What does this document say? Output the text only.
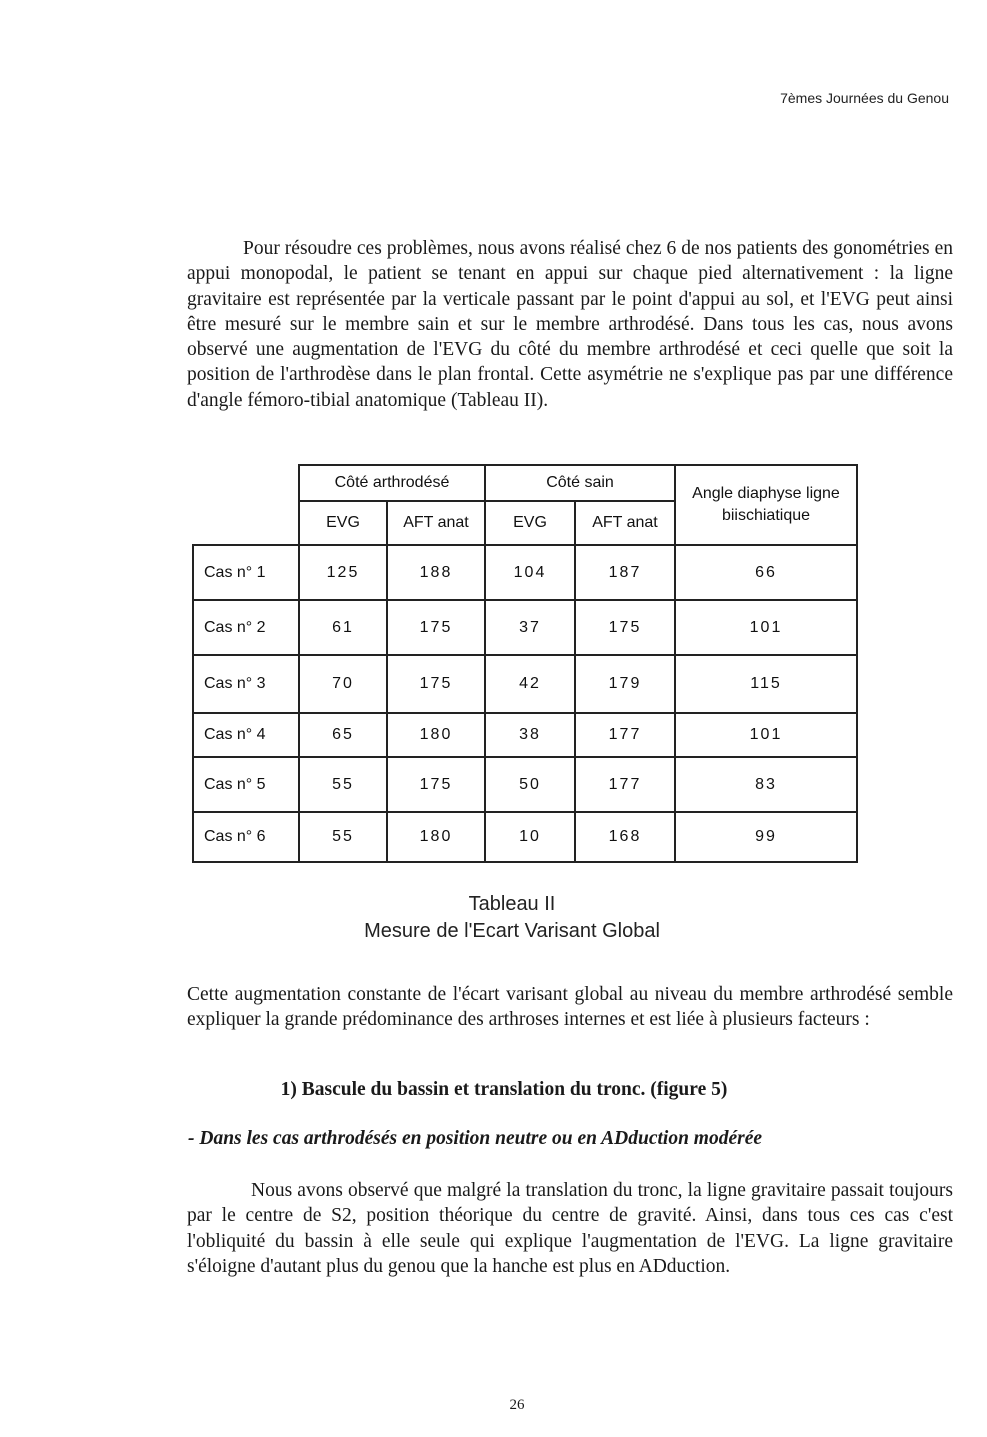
7èmes Journées du Genou

Pour résoudre ces problèmes, nous avons réalisé chez 6 de nos patients des gonométries en appui monopodal, le patient se tenant en appui sur chaque pied alternativement : la ligne gravitaire est représentée par la verticale passant par le point d'appui au sol, et l'EVG peut ainsi être mesuré sur le membre sain et sur le membre arthrodésé. Dans tous les cas, nous avons observé une augmentation de l'EVG du côté du membre arthrodésé et ceci quelle que soit la position de l'arthrodèse dans le plan frontal. Cette asymétrie ne s'explique pas par une différence d'angle fémoro-tibial anatomique (Tableau II).

	Côté arthrodésé		Côté sain		Angle diaphyse ligne biischiatique
	EVG	AFT anat	EVG	AFT anat	
Cas n° 1	125	188	104	187	66
Cas n° 2	61	175	37	175	101
Cas n° 3	70	175	42	179	115
Cas n° 4	65	180	38	177	101
Cas n° 5	55	175	50	177	83
Cas n° 6	55	180	10	168	99
Tableau II
Mesure de l'Ecart Varisant Global

Cette augmentation constante de l'écart varisant global au niveau du membre arthrodésé semble expliquer la grande prédominance des arthroses internes et est liée à plusieurs facteurs :

1) Bascule du bassin et translation du tronc. (figure 5)

- Dans les cas arthrodésés en position neutre ou en ADduction modérée

Nous avons observé que malgré la translation du tronc, la ligne gravitaire passait toujours par le centre de S2, position théorique du centre de gravité. Ainsi, dans tous ces cas c'est l'obliquité du bassin à elle seule qui explique l'augmentation de l'EVG. La ligne gravitaire s'éloigne d'autant plus du genou que la hanche est plus en ADduction.

26
